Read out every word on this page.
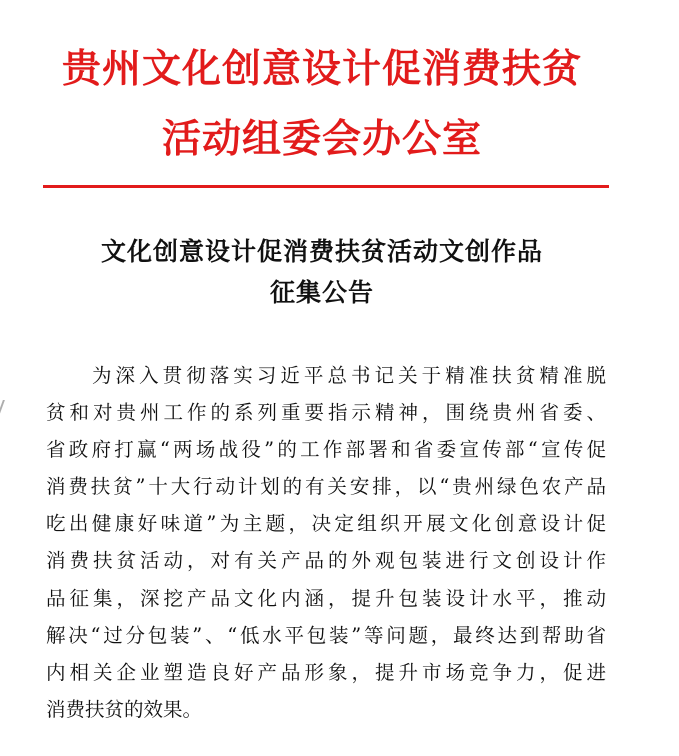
贵州文化创意设计促消费扶贫
活动组委会办公室
文化创意设计促消费扶贫活动文创作品
征集公告

为深入贯彻落实习近平总书记关于精准扶贫精准脱
贫和对贵州工作的系列重要指示精神，围绕贵州省委、
省政府打赢“两场战役”的工作部署和省委宣传部“宣传促
消费扶贫”十大行动计划的有关安排，以“贵州绿色农产品
吃出健康好味道”为主题，决定组织开展文化创意设计促
消费扶贫活动，对有关产品的外观包装进行文创设计作
品征集，深挖产品文化内涵，提升包装设计水平，推动
解决“过分包装”、“低水平包装”等问题，最终达到帮助省
内相关企业塑造良好产品形象，提升市场竞争力，促进
消费扶贫的效果。
